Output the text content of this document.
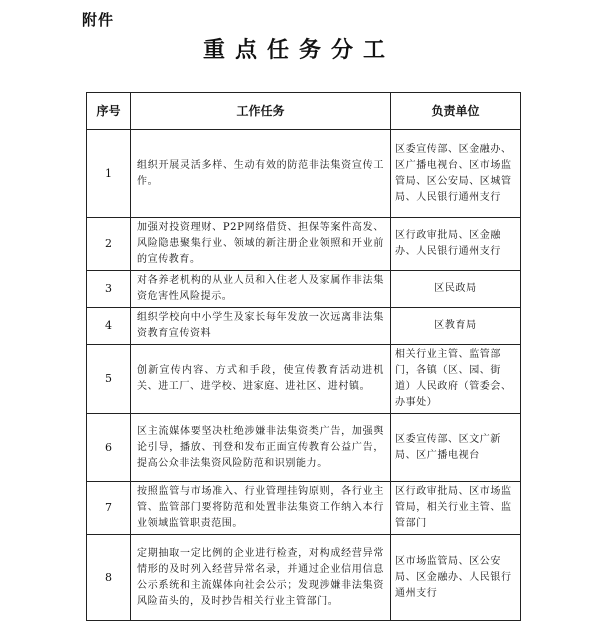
附件
重点任务分工
序号	工作任务	负责单位
1	组织开展灵活多样、生动有效的防范非法集资宣传工作。	区委宣传部、区金融办、区广播电视台、区市场监管局、区公安局、区城管局、人民银行通州支行
2	加强对投资理财、P2P网络借贷、担保等案件高发、风险隐患聚集行业、领域的新注册企业领照和开业前的宣传教育。	区行政审批局、区金融办、人民银行通州支行
3	对各养老机构的从业人员和入住老人及家属作非法集资危害性风险提示。	区民政局
4	组织学校向中小学生及家长每年发放一次远离非法集资教育宣传资料	区教育局
5	创新宣传内容、方式和手段，使宣传教育活动进机关、进工厂、进学校、进家庭、进社区、进村镇。	相关行业主管、监管部门，各镇（区、园、街道）人民政府（管委会、办事处）
6	区主流媒体要坚决杜绝涉嫌非法集资类广告，加强舆论引导，播放、刊登和发布正面宣传教育公益广告，提高公众非法集资风险防范和识别能力。	区委宣传部、区文广新局、区广播电视台
7	按照监管与市场准入、行业管理挂钩原则，各行业主管、监管部门要将防范和处置非法集资工作纳入本行业领域监管职责范围。	区行政审批局、区市场监管局，相关行业主管、监管部门
8	定期抽取一定比例的企业进行检查，对构成经营异常情形的及时列入经营异常名录，并通过企业信用信息公示系统和主流媒体向社会公示；发现涉嫌非法集资风险苗头的，及时抄告相关行业主管部门。	区市场监管局、区公安局、区金融办、人民银行通州支行
